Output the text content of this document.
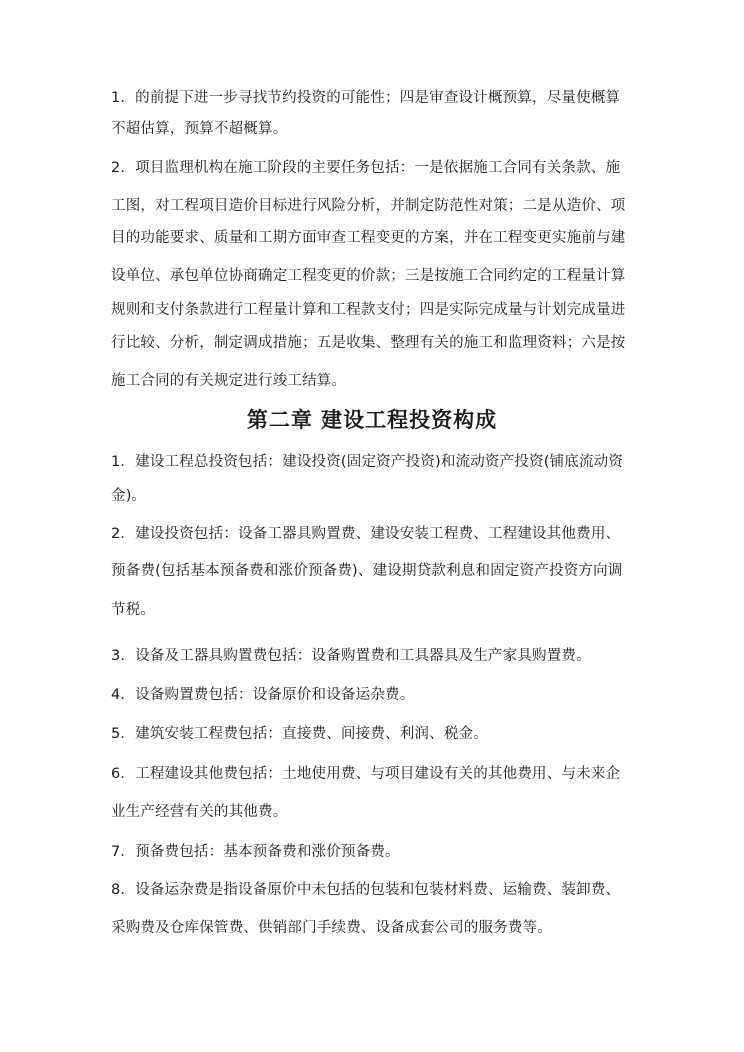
1．的前提下进一步寻找节约投资的可能性；四是审查设计概预算，尽量使概算
不超估算，预算不超概算。
2．项目监理机构在施工阶段的主要任务包括：一是依据施工合同有关条款、施
工图，对工程项目造价目标进行风险分析，并制定防范性对策；二是从造价、项
目的功能要求、质量和工期方面审查工程变更的方案，并在工程变更实施前与建
设单位、承包单位协商确定工程变更的价款；三是按施工合同约定的工程量计算
规则和支付条款进行工程量计算和工程款支付；四是实际完成量与计划完成量进
行比较、分析，制定调成措施；五是收集、整理有关的施工和监理资料；六是按
施工合同的有关规定进行竣工结算。
第二章 建设工程投资构成
1．建设工程总投资包括：建设投资(固定资产投资)和流动资产投资(铺底流动资
金)。
2．建设投资包括：设备工器具购置费、建设安装工程费、工程建设其他费用、
预备费(包括基本预备费和涨价预备费)、建设期贷款利息和固定资产投资方向调
节税。
3．设备及工器具购置费包括：设备购置费和工具器具及生产家具购置费。
4．设备购置费包括：设备原价和设备运杂费。
5．建筑安装工程费包括：直接费、间接费、利润、税金。
6．工程建设其他费包括：土地使用费、与项目建设有关的其他费用、与未来企
业生产经营有关的其他费。
7．预备费包括：基本预备费和涨价预备费。
8．设备运杂费是指设备原价中未包括的包装和包装材料费、运输费、装卸费、
采购费及仓库保管费、供销部门手续费、设备成套公司的服务费等。
